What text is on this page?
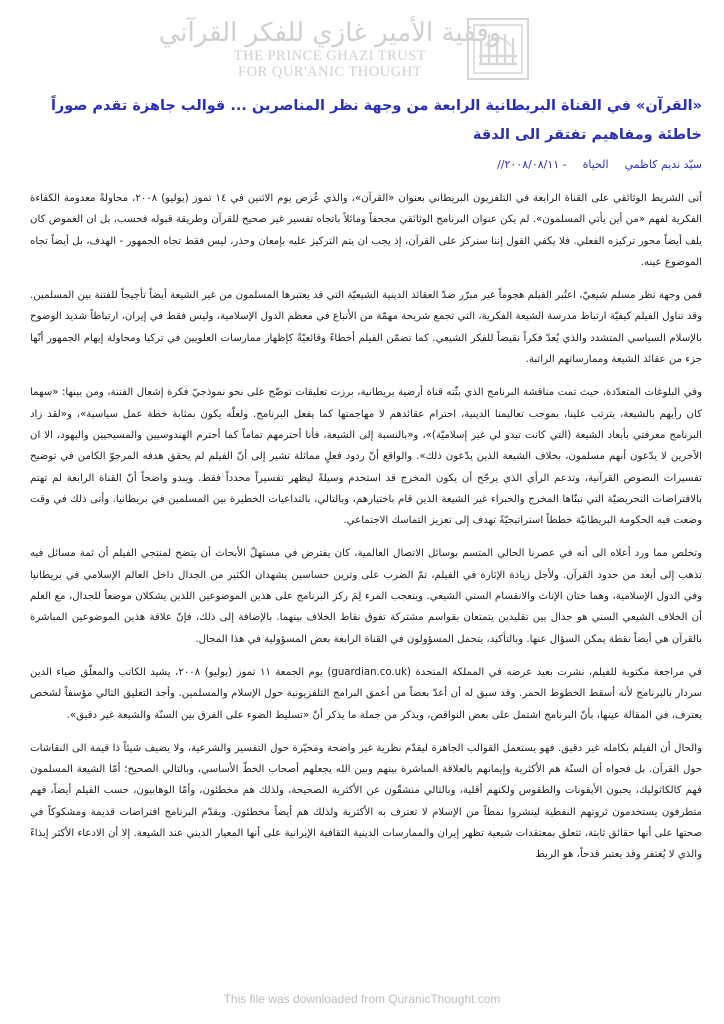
وقفية الأمير غازي للفكر القرآني
THE PRINCE GHAZI TRUST
FOR QUR'ANIC THOUGHT
«القرآن» في القناة البريطانية الرابعة من وجهة نظر المناصرين ... قوالب جاهزة تقدم صوراً خاطئة ومفاهيم تفتقر الى الدقة
سيّد نديم كاظمي
الحياة
- ٢٠٠٨/٠٨/١١//

أتى الشريط الوثائقي على القناة الرابعة في التلفزيون البريطاني بعنوان «القرآن»، والذي عُرض يوم الاثنين في ١٤ تموز (يوليو) ٢٠٠٨، محاولةً معدومة الكفاءة الفكرية لفهم «من أين يأتي المسلمون». لم يكن عنوان البرنامج الوثائقي مجحفاً ومائلاً باتجاه تفسير غير صحيح للقرآن وطريقة قبوله فحسب، بل ان الغموض كان يلف أيضاً محور تركيزه الفعلي. فلا يكفي القول إننا سنركز على القرآن، إذ يجب ان يتم التركيز عليه بإمعان وحذر، ليس فقط تجاه الجمهور - الهدف، بل أيضاً تجاه الموضوع عينه.

فمن وجهة نظر مسلم شيعيّ، اعتُبر الفيلم هجوماً غير مبرّر ضدّ العقائد الدينية الشيعيّة التي قد يعتبرها المسلمون من غير الشيعة أيضاً تأجيجاً للفتنة بين المسلمين. وقد تناول الفيلم كيفيّة ارتباط مدرسة الشيعة الفكرية، التي تجمع شريحة مهمّة من الأتباع في معظم الدول الإسلامية، وليس فقط في إيران، ارتباطاً شديد الوضوح بالإسلام السياسي المتشدد والذي يُعدّ فكراً نقيضاً للفكر الشيعي. كما تضمّن الفيلم أخطاءً وقائعيّةً كإظهار ممارسات العلويين في تركيا ومحاولة إيهام الجمهور أنّها جزء من عقائد الشيعة وممارساتهم الراتبة.

وفي البلوغات المتعدّدة، حيث تمت مناقشة البرنامج الذي بثّته قناة أرضية بريطانية، برزت تعليقات توضّح على نحو نموذجيّ فكرة إشعال الفتنة، ومن بينها: «سهما كان رأيهم بالشيعة، يترتب علينا، بموجب تعاليمنا الدينية، احترام عقائدهم لا مهاجمتها كما يفعل البرنامج. ولعلّه يكون بمثابة خطة عمل سياسية»، و«لقد زاد البرنامج معرفتي بأبعاد الشيعة (التي كانت تبدو لي غير إسلاميّة)»، و«بالنسبة إلى الشيعة، فأنا أحترمهم تماماً كما أحترم الهندوسيين والمسيحيين واليهود، الا ان الآخرين لا يدّعون أنهم مسلمون، بخلاف الشيعة الذين يدّعون ذلك». والواقع أنّ ردود فعلٍ مماثلة تشير إلى أنّ الفيلم لم يحقق هدفه المرجوّ الكامن في توضيح تفسيرات النصوص القرآنية، وتدعم الرأي الذي يرجّح أن يكون المخرج قد استخدم وسيلةً ليظهر تفسيراً محدداً فقط. ويبدو واضحاً أنّ القناة الرابعة لم تهتم بالافتراضات التحريضيّة التي تبنّاها المخرج والخبراء غير الشيعة الذين قام باختيارهم، وبالتالي، بالتداعيات الخطيرة بين المسلمين في بريطانيا. وأتى ذلك في وقت وضعت فيه الحكومة البريطانيّة خططاً استراتيجيّةً تهدف إلى تعزيز التماسك الاجتماعي.

وتخلص مما ورد أعلاه الى أنه في عصرنا الحالي المتسم بوسائل الاتصال العالمية، كان يفترض في مستهلّ الأبحاث أن يتضح لمنتجي الفيلم أن ثمة مسائل فيه تذهب إلى أبعد من حدود القرآن. ولأجل زيادة الإثارة في الفيلم، تمّ الضرب على وترين حساسين يشهدان الكثير من الجدال داخل العالم الإسلامي في بريطانيا وفي الدول الإسلامية، وهما ختان الإناث والانقسام السني الشيعي. ويتعجب المرء لِمَ ركز البرنامج على هذين الموضوعين اللذين يشكلان موضعاً للجدال، مع العلم أن الخلاف الشيعي السني هو جدال بين تقليدين يتمتعان بقواسم مشتركة تفوق نقاط الخلاف بينهما. بالإضافة إلى ذلك، فإنّ علاقة هذين الموضوعين المباشرة بالقرآن هي أيضاً نقطة يمكن السؤال عنها. وبالتأكيد، يتحمل المسؤولون في القناة الرابعة بعض المسؤولية في هذا المجال.

في مراجعة مكتوبة للفيلم، نشرت بعيد عرضه في المملكة المتحدة (guardian.co.uk) يوم الجمعة ١١ تموز (يوليو) ٢٠٠٨، يشيد الكاتب والمعلّق ضياء الدين سردار بالبرنامج لأنه أسقط الخطوط الحمر. وقد سبق له أن أعدّ بعضاً من أعمق البرامج التلفزيونية حول الإسلام والمسلمين. وأجد التعليق التالي مؤسفاً لشخص يعترف، في المقالة عينها، بأنّ البرنامج اشتمل على بعض النواقص، ويذكر من جملة ما يذكر أنّ «تسليط الضوء على الفرق بين السنّة والشيعة غير دقيق».

والحال أن الفيلم بكامله غير دقيق. فهو يستعمل القوالب الجاهزة ليقدّم نظرية غير واضحة ومحيّرة حول التفسير والشرعية، ولا يضيف شيئاً ذا قيمة الى النقاشات حول القرآن. بل فحواه أن السنّة هم الأكثرية وإيمانهم بالعلاقة المباشرة بينهم وبين الله يجعلهم أصحاب الخطّ الأساسي، وبالتالي الصحيح؛ أمّا الشيعة المسلمون فهم كالكاثوليك، يحبون الأيقونات والطقوس ولكنهم أقلية، وبالتالي منشقّون عن الأكثرية الصحيحة، ولذلك هم مخطئون، وأمّا الوهابيون، حسب الفيلم أيضاً، فهم متطرفون يستخدمون ثروتهم النفطية لينشروا نمطاً من الإسلام لا تعترف به الأكثرية ولذلك هم أيضاً مخطئون. ويقدّم البرنامج افتراضات قديمة ومشكوكاً في صحتها على أنها حقائق ثابتة، تتعلق بمعتقدات شيعية تظهر إيران والممارسات الدينية الثقافية الإيرانية على أنها المعيار الديني عند الشيعة. إلا أن الادعاء الأكثر إيذاءً والذي لا يُغتفر وقد يعتبر قدحاً، هو الربط

This file was downloaded from QuranicThought.com
